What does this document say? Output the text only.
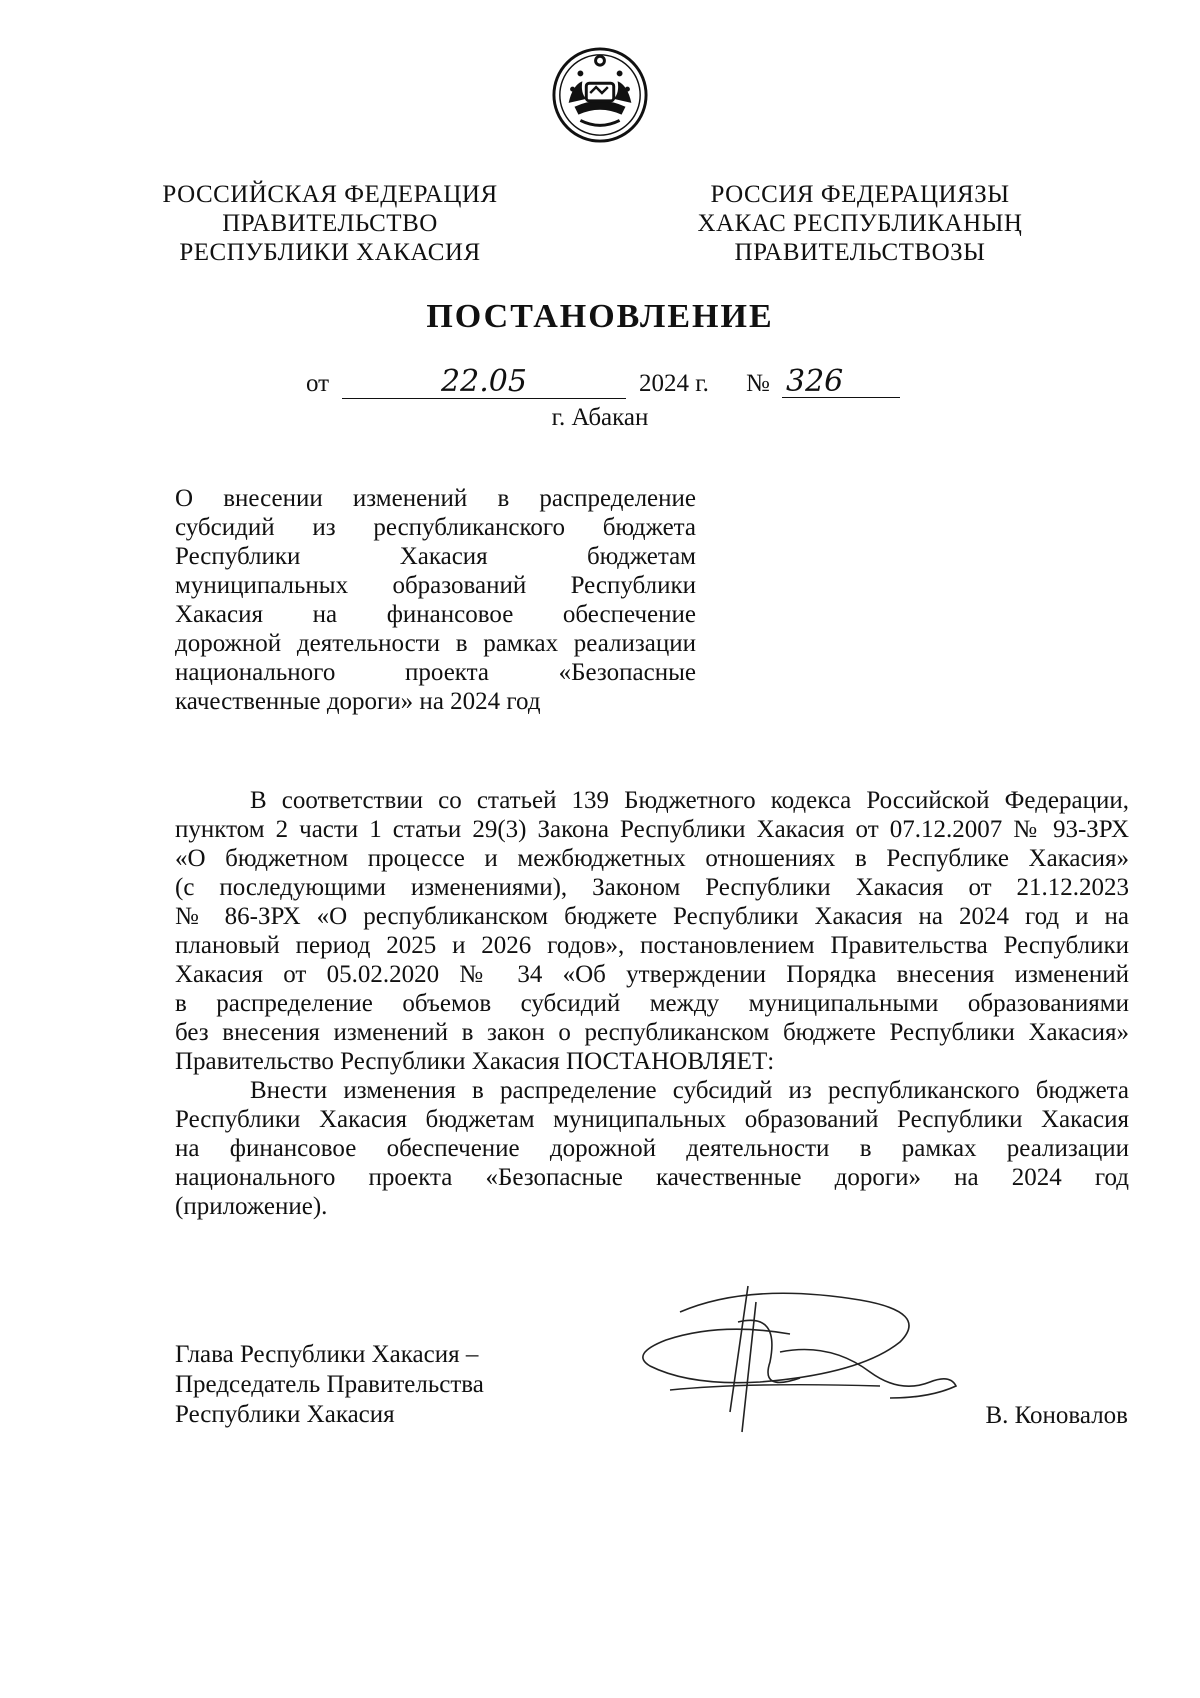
РОССИЙСКАЯ ФЕДЕРАЦИЯ
ПРАВИТЕЛЬСТВО
РЕСПУБЛИКИ ХАКАСИЯ
РОССИЯ ФЕДЕРАЦИЯЗЫ
ХАКАС РЕСПУБЛИКАНЫҢ
ПРАВИТЕЛЬСТВОЗЫ
ПОСТАНОВЛЕНИЕ
от	22.05	2024 г. № 326
г. Абакан
О внесении изменений в распределение
субсидий из республиканского бюджета
Республики Хакасия бюджетам
муниципальных образований Республики
Хакасия на финансовое обеспечение
дорожной деятельности в рамках реализации
национального проекта «Безопасные
качественные дороги» на 2024 год
В соответствии со статьей 139 Бюджетного кодекса Российской Федерации,
пунктом 2 части 1 статьи 29(3) Закона Республики Хакасия от 07.12.2007 № 93-ЗРХ
«О бюджетном процессе и межбюджетных отношениях в Республике Хакасия»
(с последующими изменениями), Законом Республики Хакасия от 21.12.2023
№ 86-ЗРХ «О республиканском бюджете Республики Хакасия на 2024 год и на
плановый период 2025 и 2026 годов», постановлением Правительства Республики
Хакасия от 05.02.2020 № 34 «Об утверждении Порядка внесения изменений
в распределение объемов субсидий между муниципальными образованиями
без внесения изменений в закон о республиканском бюджете Республики Хакасия»
Правительство Республики Хакасия ПОСТАНОВЛЯЕТ:
Внести изменения в распределение субсидий из республиканского бюджета
Республики Хакасия бюджетам муниципальных образований Республики Хакасия
на финансовое обеспечение дорожной деятельности в рамках реализации
национального проекта «Безопасные качественные дороги» на 2024 год
(приложение).
Глава Республики Хакасия –
Председатель Правительства
Республики Хакасия	В. Коновалов
